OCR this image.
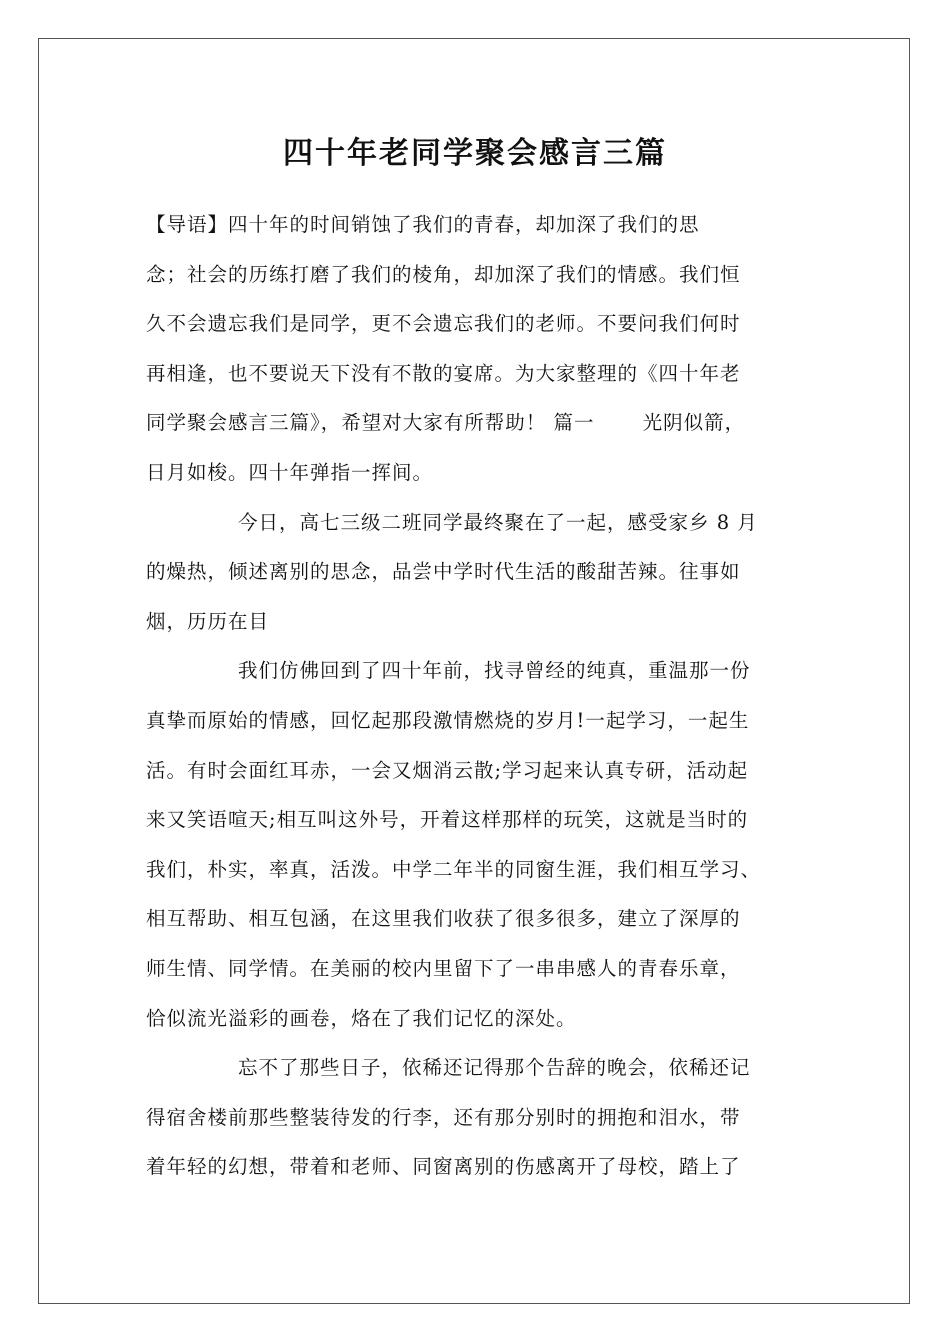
四十年老同学聚会感言三篇
【导语】四十年的时间销蚀了我们的青春，却加深了我们的思
念；社会的历练打磨了我们的棱角，却加深了我们的情感。我们恒
久不会遗忘我们是同学，更不会遗忘我们的老师。不要问我们何时
再相逢，也不要说天下没有不散的宴席。为大家整理的《四十年老
同学聚会感言三篇》，希望对大家有所帮助！ 篇一　　 光阴似箭，
日月如梭。四十年弹指一挥间。
今日，高七三级二班同学最终聚在了一起，感受家乡 8 月
的燥热，倾述离别的思念，品尝中学时代生活的酸甜苦辣。往事如
烟，历历在目
我们仿佛回到了四十年前，找寻曾经的纯真，重温那一份
真挚而原始的情感，回忆起那段激情燃烧的岁月!一起学习，一起生
活。有时会面红耳赤，一会又烟消云散;学习起来认真专研，活动起
来又笑语喧天;相互叫这外号，开着这样那样的玩笑，这就是当时的
我们，朴实，率真，活泼。中学二年半的同窗生涯，我们相互学习、
相互帮助、相互包涵，在这里我们收获了很多很多，建立了深厚的
师生情、同学情。在美丽的校内里留下了一串串感人的青春乐章，
恰似流光溢彩的画卷，烙在了我们记忆的深处。
忘不了那些日子，依稀还记得那个告辞的晚会，依稀还记
得宿舍楼前那些整装待发的行李，还有那分别时的拥抱和泪水，带
着年轻的幻想，带着和老师、同窗离别的伤感离开了母校，踏上了
